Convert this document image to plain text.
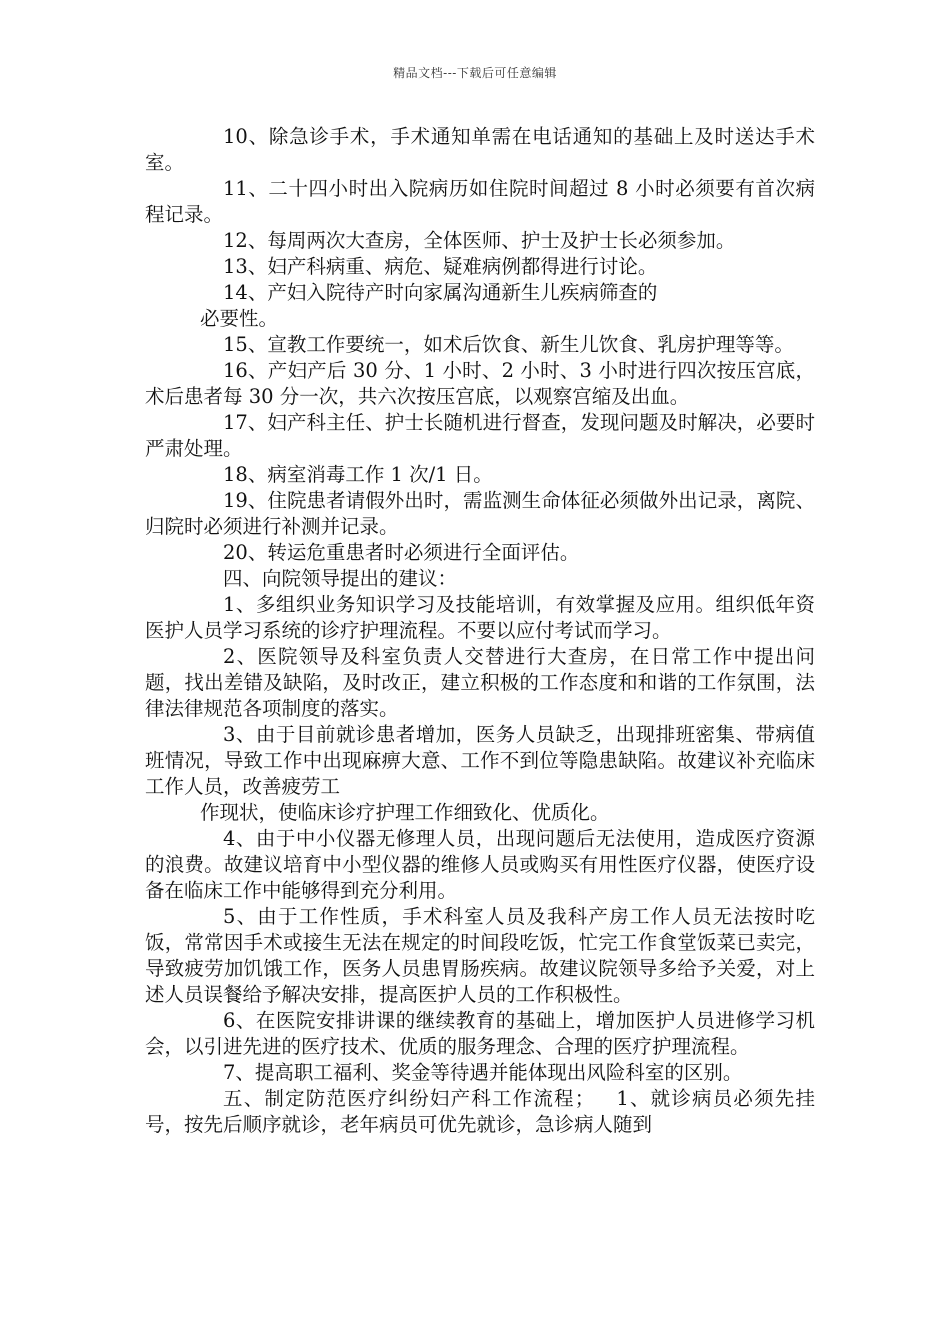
精品文档---下载后可任意编辑

10、除急诊手术，手术通知单需在电话通知的基础上及时送达手术室。

11、二十四小时出入院病历如住院时间超过 8 小时必须要有首次病程记录。

12、每周两次大查房，全体医师、护士及护士长必须参加。

13、妇产科病重、病危、疑难病例都得进行讨论。

14、产妇入院待产时向家属沟通新生儿疾病筛查的

必要性。

15、宣教工作要统一，如术后饮食、新生儿饮食、乳房护理等等。

16、产妇产后 30 分、1 小时、2 小时、3 小时进行四次按压宫底，术后患者每 30 分一次，共六次按压宫底，以观察宫缩及出血。

17、妇产科主任、护士长随机进行督查，发现问题及时解决，必要时严肃处理。

18、病室消毒工作 1 次/1 日。

19、住院患者请假外出时，需监测生命体征必须做外出记录，离院、归院时必须进行补测并记录。

20、转运危重患者时必须进行全面评估。

四、向院领导提出的建议：

1、多组织业务知识学习及技能培训，有效掌握及应用。组织低年资医护人员学习系统的诊疗护理流程。不要以应付考试而学习。

2、医院领导及科室负责人交替进行大查房，在日常工作中提出问题，找出差错及缺陷，及时改正，建立积极的工作态度和和谐的工作氛围，法律法律规范各项制度的落实。

3、由于目前就诊患者增加，医务人员缺乏，出现排班密集、带病值班情况，导致工作中出现麻痹大意、工作不到位等隐患缺陷。故建议补充临床工作人员，改善疲劳工

作现状，使临床诊疗护理工作细致化、优质化。

4、由于中小仪器无修理人员，出现问题后无法使用，造成医疗资源的浪费。故建议培育中小型仪器的维修人员或购买有用性医疗仪器，使医疗设备在临床工作中能够得到充分利用。

5、由于工作性质，手术科室人员及我科产房工作人员无法按时吃饭，常常因手术或接生无法在规定的时间段吃饭，忙完工作食堂饭菜已卖完，导致疲劳加饥饿工作，医务人员患胃肠疾病。故建议院领导多给予关爱，对上述人员误餐给予解决安排，提高医护人员的工作积极性。

6、在医院安排讲课的继续教育的基础上，增加医护人员进修学习机会，以引进先进的医疗技术、优质的服务理念、合理的医疗护理流程。

7、提高职工福利、奖金等待遇并能体现出风险科室的区别。

五、制定防范医疗纠纷妇产科工作流程；   1、就诊病员必须先挂号，按先后顺序就诊，老年病员可优先就诊，急诊病人随到
